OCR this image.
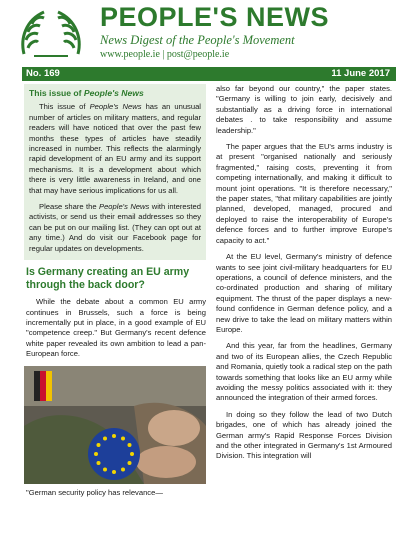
PEOPLE'S NEWS
News Digest of the People's Movement
www.people.ie | post@people.ie
No. 169	11 June 2017
This issue of People's News

This issue of People's News has an unusual number of articles on military matters, and regular readers will have noticed that over the past few months these types of articles have steadily increased in number. This reflects the alarmingly rapid development of an EU army and its support mechanisms. It is a development about which there is very little awareness in Ireland, and one that may have serious implications for us all.

Please share the People's News with interested activists, or send us their email addresses so they can be put on our mailing list. (They can opt out at any time.) And do visit our Facebook page for regular updates on developments.

Is Germany creating an EU army through the back door?

While the debate about a common EU army continues in Brussels, such a force is being incrementally put in place, in a good example of EU "competence creep." But Germany's recent defence white paper revealed its own ambition to lead a pan-European force.

"German security policy has relevance—

also far beyond our country," the paper states. "Germany is willing to join early, decisively and substantially as a driving force in international debates . to take responsibility and assume leadership."

The paper argues that the EU's arms industry is at present "organised nationally and seriously fragmented," raising costs, preventing it from competing internationally, and making it difficult to mount joint operations. "It is therefore necessary," the paper states, "that military capabilities are jointly planned, developed, managed, procured and deployed to raise the interoperability of Europe's defence forces and to further improve Europe's capacity to act."

At the EU level, Germany's ministry of defence wants to see joint civil-military headquarters for EU operations, a council of defence ministers, and the co-ordinated production and sharing of military equipment. The thrust of the paper displays a new-found confidence in German defence policy, and a new drive to take the lead on military matters within Europe.

And this year, far from the headlines, Germany and two of its European allies, the Czech Republic and Romania, quietly took a radical step on the path towards something that looks like an EU army while avoiding the messy politics associated with it: they announced the integration of their armed forces.

In doing so they follow the lead of two Dutch brigades, one of which has already joined the German army's Rapid Response Forces Division and the other integrated in Germany's 1st Armoured Division. This integration will
